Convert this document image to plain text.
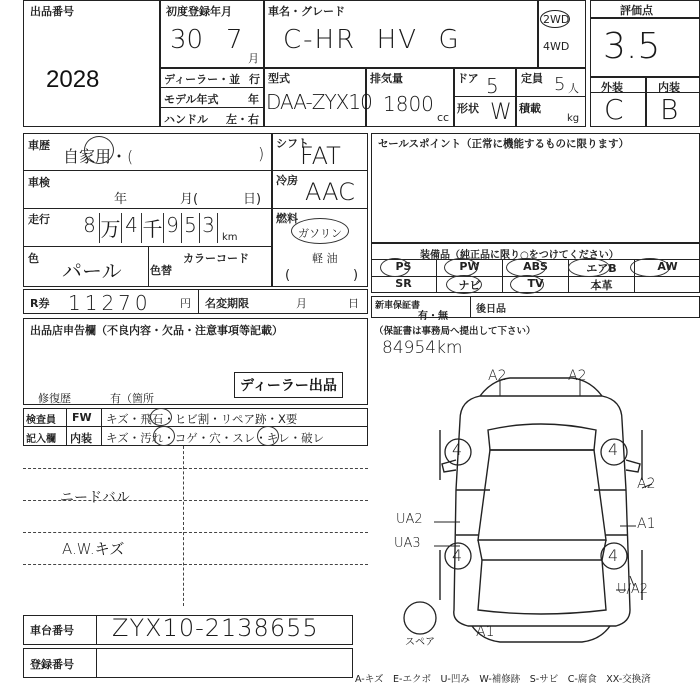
出品番号
2028
初度登録年月
30 7
月
車名・グレード
C-HR  HV  G
2WD
4WD
ディーラー・並 行
モデル年式	年
ハンドル 左・右
型式
DAA-ZYX10
排気量
1800
cc
ドア 5 定員 5 人
形状 W 積載
kg
評価点
3.5
外装	内装
C B
車歴
自家用・(	)
車検
年	月(	日)
走行 8 万 4 千 9 5 3
km
色
パール	色替
カラーコード
シフト
FAT
冷房 AAC
燃料
ガソリン
軽 油
(	)
セールスポイント（正常に機能するものに限ります）
装備品（純正品に限り○をつけてください）
PS	PW	ABS	エアB	AW
SR	ナビ	TV	本革
R券 11270	円 名変期限	月	日 新車保証書
有・無
後日品
（保証書は事務局へ提出して下さい）
84954km
出品店申告欄（不良内容・欠品・注意事項等記載）
修復歴	有（箇所
ディーラー出品
検査員
記入欄
FW キズ・飛石・ヒビ割・リペア跡・X要
内装 キズ・汚れ・コゲ・穴・スレ・キレ・破レ
ニードバル
A.W.キズ
車台番号 ZYX10-2138655
登録番号
A2	A2
A2
A1
A1
UA2
UA3
U/A2
4	4
4	4
スペア
A-キズ　E-エクボ　U-凹み　W-補修跡　S-サビ　C-腐食　XX-交換済
